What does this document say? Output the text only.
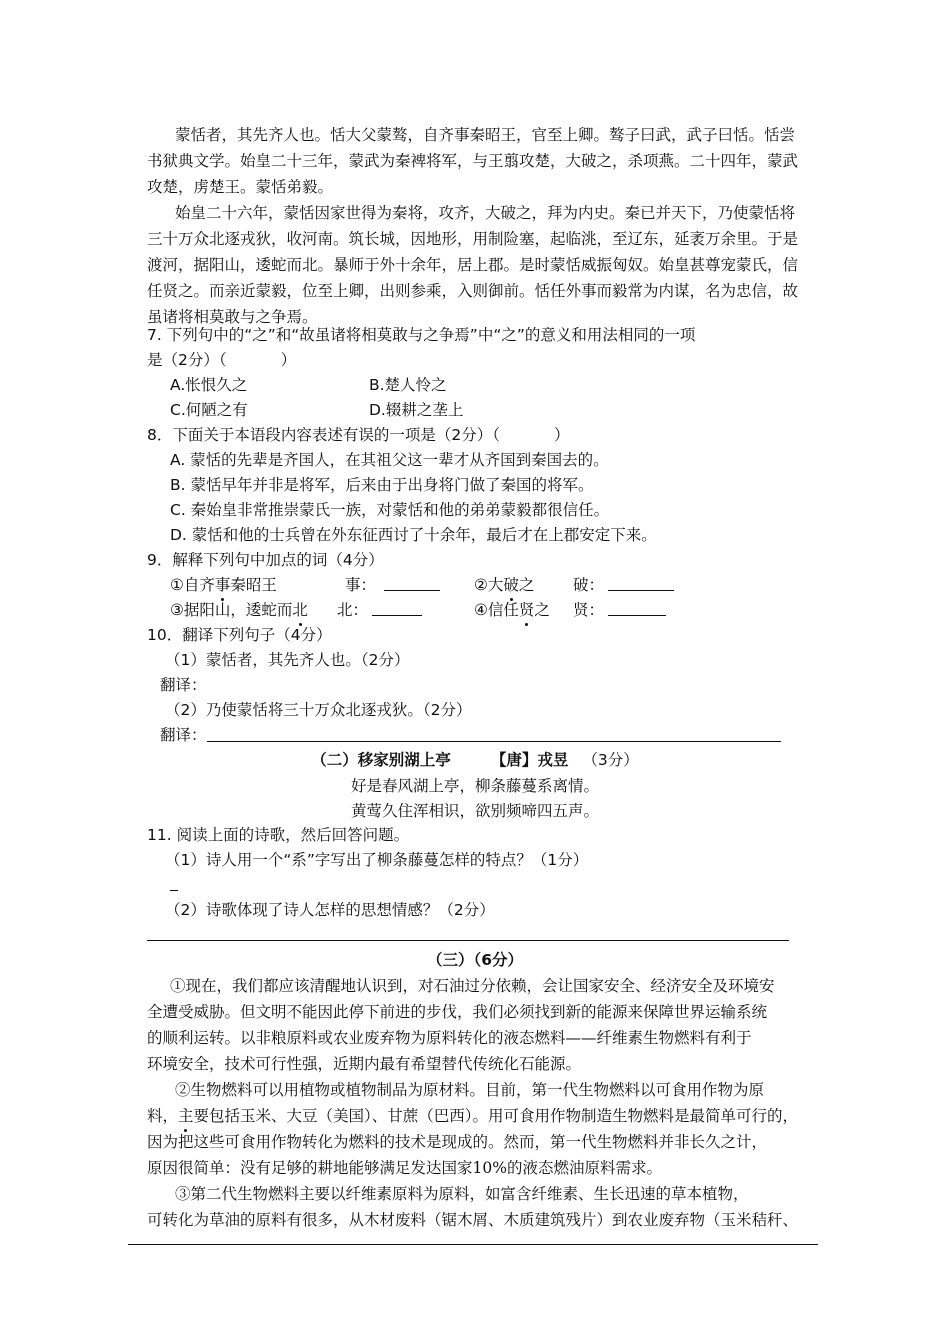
蒙恬者，其先齐人也。恬大父蒙骜，自齐事秦昭王，官至上卿。骜子曰武，武子曰恬。恬尝
书狱典文学。始皇二十三年，蒙武为秦裨将军，与王翦攻楚，大破之，杀项燕。二十四年，蒙武
攻楚，虏楚王。蒙恬弟毅。
始皇二十六年，蒙恬因家世得为秦将，攻齐，大破之，拜为内史。秦已并天下，乃使蒙恬将
三十万众北逐戎狄，收河南。筑长城，因地形，用制险塞，起临洮，至辽东，延袤万余里。于是
渡河，据阳山，逶蛇而北。暴师于外十余年，居上郡。是时蒙恬威振匈奴。始皇甚尊宠蒙氏，信
任贤之。而亲近蒙毅，位至上卿，出则参乘，入则御前。恬任外事而毅常为内谋，名为忠信，故
虽诸将相莫敢与之争焉。
7. 下列句中的“之”和“故虽诸将相莫敢与之争焉”中“之”的意义和用法相同的一项
是（2分）（	）
A.怅恨久之	B.楚人怜之
C.何陋之有	D.辍耕之垄上
8．下面关于本语段内容表述有误的一项是（2分）（	）
A. 蒙恬的先辈是齐国人，在其祖父这一辈才从齐国到秦国去的。
B. 蒙恬早年并非是将军，后来由于出身将门做了秦国的将军。
C. 秦始皇非常推崇蒙氏一族，对蒙恬和他的弟弟蒙毅都很信任。
D. 蒙恬和他的士兵曾在外东征西讨了十余年，最后才在上郡安定下来。
9．解释下列句中加点的词（4分）
①自齐事秦昭王	事：	②大破之 破：
③据阳山，逶蛇而北 北：	④信任贤之 贤：
10．翻译下列句子（4分）
（1）蒙恬者，其先齐人也。（2分）
翻译：
（2）乃使蒙恬将三十万众北逐戎狄。（2分）
翻译：
（二）移家别湖上亭	【唐】戎昱 （3分）
好是春风湖上亭，柳条藤蔓系离情。
黄莺久住浑相识，欲别频啼四五声。
11. 阅读上面的诗歌，然后回答问题。
（1）诗人用一个“系”字写出了柳条藤蔓怎样的特点？（1分）
（2）诗歌体现了诗人怎样的思想情感？（2分）
（三）（6分）
①现在，我们都应该清醒地认识到，对石油过分依赖，会让国家安全、经济安全及环境安
全遭受威胁。但文明不能因此停下前进的步伐，我们必须找到新的能源来保障世界运输系统
的顺利运转。以非粮原料或农业废弃物为原料转化的液态燃料——纤维素生物燃料有利于
环境安全，技术可行性强，近期内最有希望替代传统化石能源。
②生物燃料可以用植物或植物制品为原材料。目前，第一代生物燃料以可食用作物为原
料，主要包括玉米、大豆（美国）、甘蔗（巴西）。用可食用作物制造生物燃料是最简单可行的，
因为把这些可食用作物转化为燃料的技术是现成的。然而，第一代生物燃料并非长久之计，
原因很简单：没有足够的耕地能够满足发达国家10%的液态燃油原料需求。
③第二代生物燃料主要以纤维素原料为原料，如富含纤维素、生长迅速的草本植物，
可转化为草油的原料有很多，从木材废料（锯木屑、木质建筑残片）到农业废弃物（玉米秸秆、
